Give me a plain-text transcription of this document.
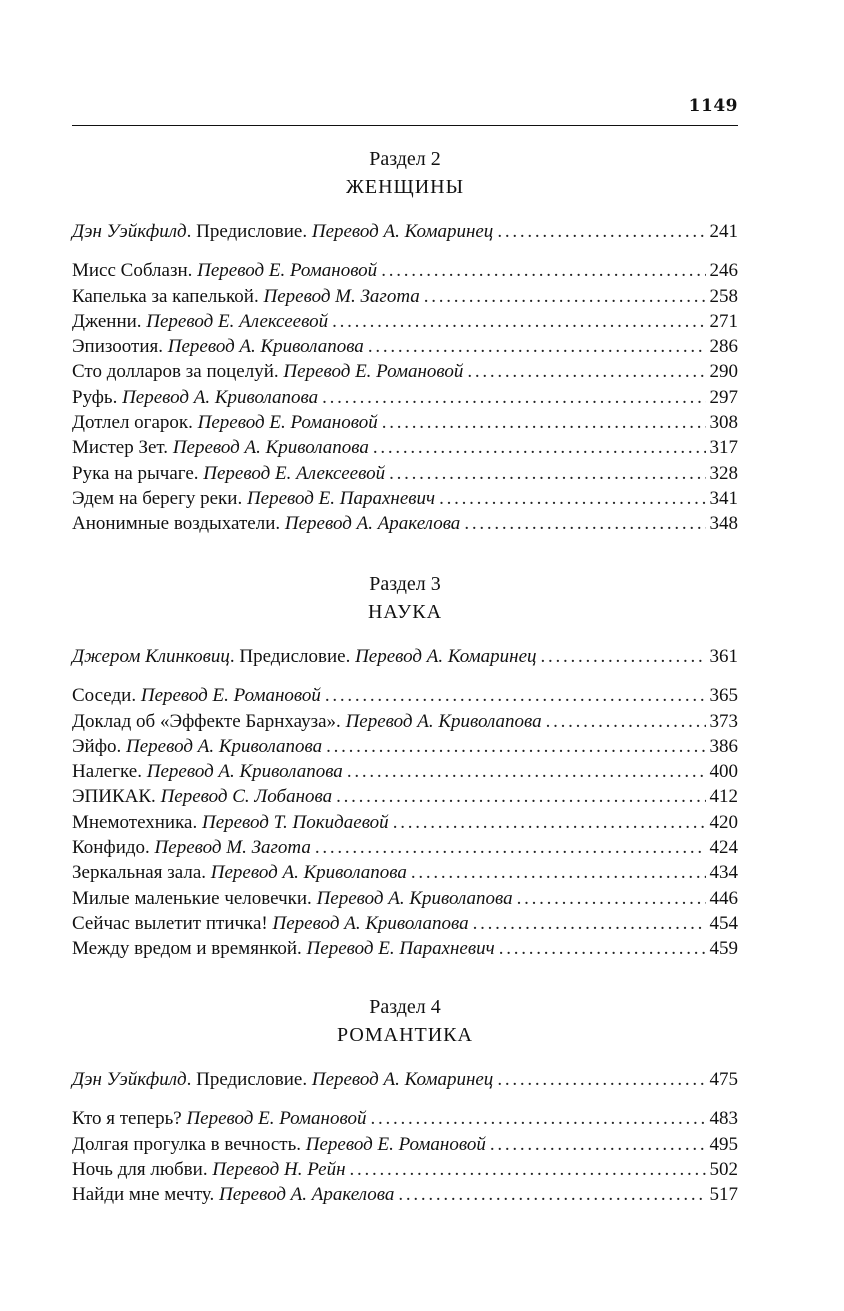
1149
Раздел 2
ЖЕНЩИНЫ
Дэн Уэйкфилд. Предисловие. Перевод А. Комаринец . . .	241
Мисс Соблазн. Перевод Е. Романовой . . .	246
Капелька за капелькой. Перевод М. Загота . . .	258
Дженни. Перевод Е. Алексеевой . . .	271
Эпизоотия. Перевод А. Криволапова . . .	286
Сто долларов за поцелуй. Перевод Е. Романовой . . .	290
Руфь. Перевод А. Криволапова . . .	297
Дотлел огарок. Перевод Е. Романовой . . .	308
Мистер Зет. Перевод А. Криволапова . . .	317
Рука на рычаге. Перевод Е. Алексеевой . . .	328
Эдем на берегу реки. Перевод Е. Парахневич . . .	341
Анонимные воздыхатели. Перевод А. Аракелова . . .	348
Раздел 3
НАУКА
Джером Клинковиц. Предисловие. Перевод А. Комаринец . . .	361
Соседи. Перевод Е. Романовой . . .	365
Доклад об «Эффекте Барнхауза». Перевод А. Криволапова . . .	373
Эйфо. Перевод А. Криволапова . . .	386
Налегке. Перевод А. Криволапова . . .	400
ЭПИКАК. Перевод С. Лобанова . . .	412
Мнемотехника. Перевод Т. Покидаевой . . .	420
Конфидо. Перевод М. Загота . . .	424
Зеркальная зала. Перевод А. Криволапова . . .	434
Милые маленькие человечки. Перевод А. Криволапова . . .	446
Сейчас вылетит птичка! Перевод А. Криволапова . . .	454
Между вредом и времянкой. Перевод Е. Парахневич . . .	459
Раздел 4
РОМАНТИКА
Дэн Уэйкфилд. Предисловие. Перевод А. Комаринец . . .	475
Кто я теперь? Перевод Е. Романовой . . .	483
Долгая прогулка в вечность. Перевод Е. Романовой . . .	495
Ночь для любви. Перевод Н. Рейн . . .	502
Найди мне мечту. Перевод А. Аракелова . . .	517
